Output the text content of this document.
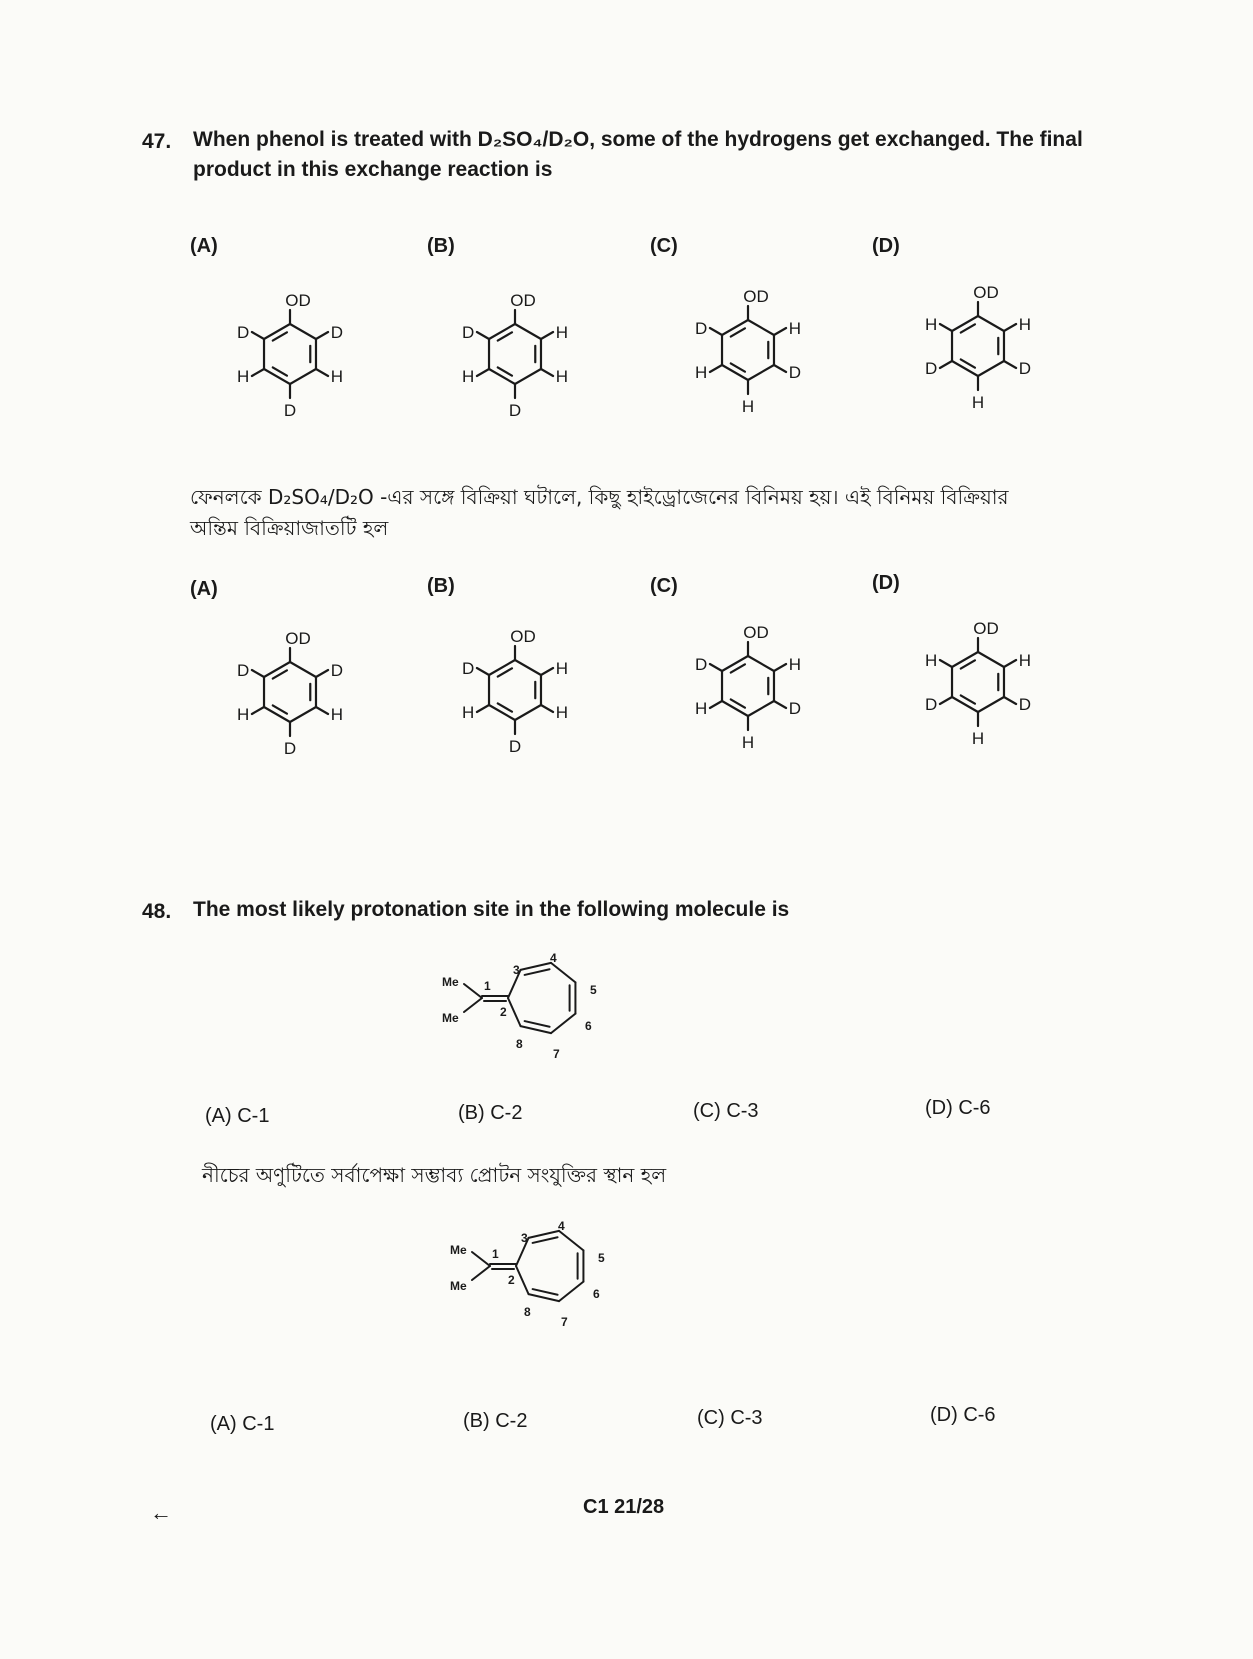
47. When phenol is treated with D₂SO₄/D₂O, some of the hydrogens get exchanged. The final
product in this exchange reaction is
(A)	(B)	(C)	(D)
OD
D
H
D
H
D
OD
H
H
D
H
D
OD
H
D
H
H
D
OD
H
D
H
D
H
ফেনলকে D₂SO₄/D₂O -এর সঙ্গে বিক্রিয়া ঘটালে, কিছু হাইড্রোজেনের বিনিময় হয়। এই বিনিময় বিক্রিয়ার
অন্তিম বিক্রিয়াজাতটি হল
(A)	(B)	(C)	(D)
OD
D
H
D
H
D
OD
H
H
D
H
D
OD
H
D
H
H
D
OD
H
D
H
D
H
48. The most likely protonation site in the following molecule is
Me
Me
1
2
3
4
5
6
7
8
(A) C-1	(B) C-2	(C) C-3	(D) C-6
নীচের অণুটিতে সর্বাপেক্ষা সম্ভাব্য প্রোটন সংযুক্তির স্থান হল
Me
Me
1
2
3
4
5
6
7
8
(A) C-1	(B) C-2	(C) C-3	(D) C-6
←	C1 21/28
